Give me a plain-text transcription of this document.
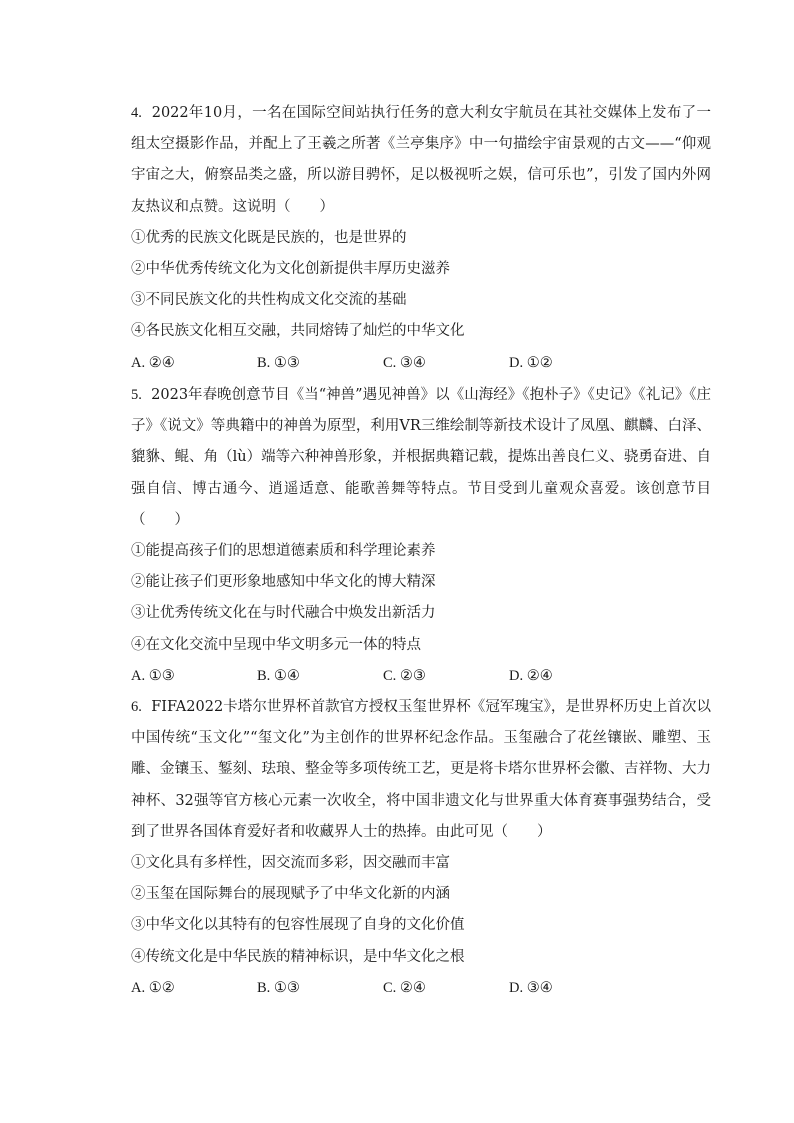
4. 2022年10月，一名在国际空间站执行任务的意大利女宇航员在其社交媒体上发布了一组太空摄影作品，并配上了王羲之所著《兰亭集序》中一句描绘宇宙景观的古文——“仰观宇宙之大，俯察品类之盛，所以游目骋怀，足以极视听之娱，信可乐也”，引发了国内外网友热议和点赞。这说明（　　）

①优秀的民族文化既是民族的，也是世界的

②中华优秀传统文化为文化创新提供丰厚历史滋养

③不同民族文化的共性构成文化交流的基础

④各民族文化相互交融，共同熔铸了灿烂的中华文化

A. ②④	B. ①③	C. ③④	D. ①②

5. 2023年春晚创意节目《当“神兽”遇见神兽》以《山海经》《抱朴子》《史记》《礼记》《庄子》《说文》等典籍中的神兽为原型，利用VR三维绘制等新技术设计了凤凰、麒麟、白泽、貔貅、鲲、角（lù）端等六种神兽形象，并根据典籍记载，提炼出善良仁义、骁勇奋进、自强自信、博古通今、逍遥适意、能歌善舞等特点。节目受到儿童观众喜爱。该创意节目（　　）

①能提高孩子们的思想道德素质和科学理论素养

②能让孩子们更形象地感知中华文化的博大精深

③让优秀传统文化在与时代融合中焕发出新活力

④在文化交流中呈现中华文明多元一体的特点

A. ①③	B. ①④	C. ②③	D. ②④

6. FIFA2022卡塔尔世界杯首款官方授权玉玺世界杯《冠军瑰宝》，是世界杯历史上首次以中国传统“玉文化”“玺文化”为主创作的世界杯纪念作品。玉玺融合了花丝镶嵌、雕塑、玉雕、金镶玉、錾刻、珐琅、整金等多项传统工艺，更是将卡塔尔世界杯会徽、吉祥物、大力神杯、32强等官方核心元素一次收全，将中国非遗文化与世界重大体育赛事强势结合，受到了世界各国体育爱好者和收藏界人士的热捧。由此可见（　　）

①文化具有多样性，因交流而多彩，因交融而丰富

②玉玺在国际舞台的展现赋予了中华文化新的内涵

③中华文化以其特有的包容性展现了自身的文化价值

④传统文化是中华民族的精神标识，是中华文化之根

A. ①②	B. ①③	C. ②④	D. ③④
